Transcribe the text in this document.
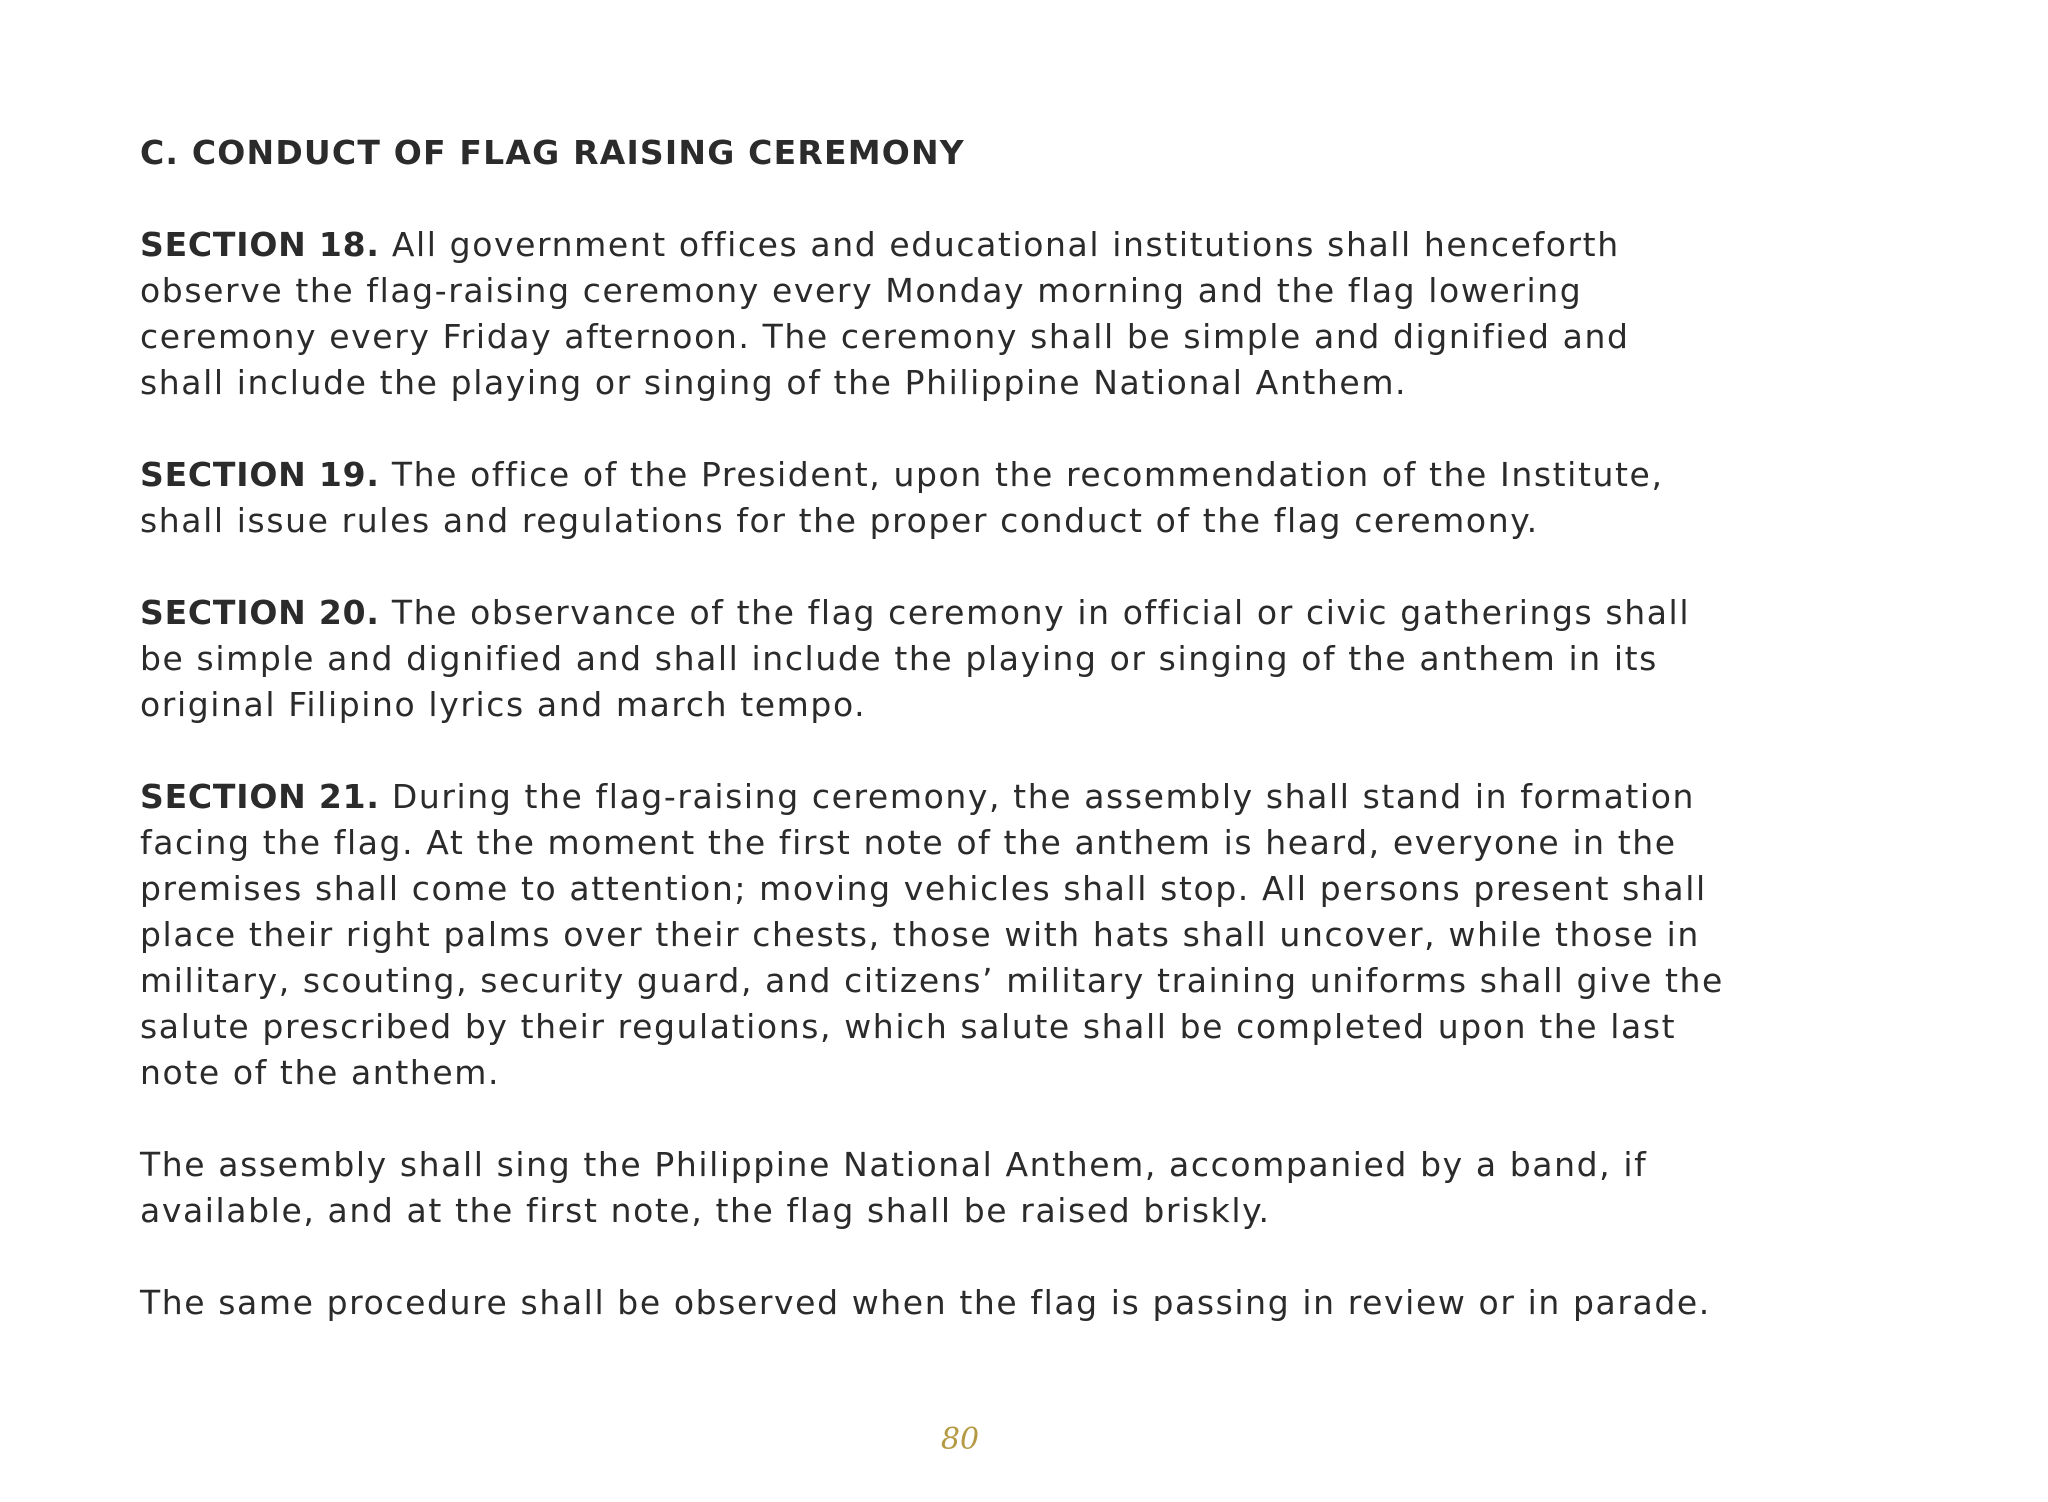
C. CONDUCT OF FLAG RAISING CEREMONY

SECTION 18. All government offices and educational institutions shall henceforth
observe the flag-raising ceremony every Monday morning and the flag lowering
ceremony every Friday afternoon. The ceremony shall be simple and dignified and
shall include the playing or singing of the Philippine National Anthem.

SECTION 19. The office of the President, upon the recommendation of the Institute,
shall issue rules and regulations for the proper conduct of the flag ceremony.

SECTION 20. The observance of the flag ceremony in official or civic gatherings shall
be simple and dignified and shall include the playing or singing of the anthem in its
original Filipino lyrics and march tempo.

SECTION 21. During the flag-raising ceremony, the assembly shall stand in formation
facing the flag. At the moment the first note of the anthem is heard, everyone in the
premises shall come to attention; moving vehicles shall stop. All persons present shall
place their right palms over their chests, those with hats shall uncover, while those in
military, scouting, security guard, and citizens’ military training uniforms shall give the
salute prescribed by their regulations, which salute shall be completed upon the last
note of the anthem.

The assembly shall sing the Philippine National Anthem, accompanied by a band, if
available, and at the first note, the flag shall be raised briskly.

The same procedure shall be observed when the flag is passing in review or in parade.

80
